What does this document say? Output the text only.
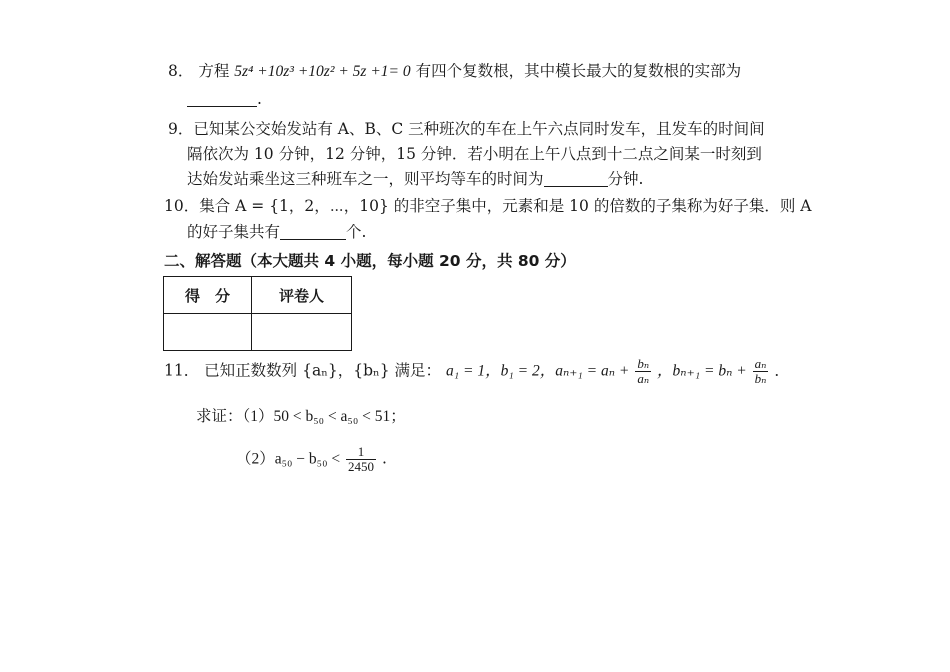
8． 方程 5z⁴ +10z³ +10z² + 5z +1= 0 有四个复数根，其中模长最大的复数根的实部为
.
9．已知某公交始发站有 A、B、C 三种班次的车在上午六点同时发车，且发车的时间间
隔依次为 10 分钟，12 分钟，15 分钟．若小明在上午八点到十二点之间某一时刻到
达始发站乘坐这三种班车之一，则平均等车的时间为	分钟.
10．集合 A = {1，2，⋯，10} 的非空子集中，元素和是 10 的倍数的子集称为好子集．则 A
的好子集共有	个.
二、解答题（本大题共 4 小题，每小题 20 分，共 80 分）
得　分	评卷人

11． 已知正数数列 {aₙ}，{bₙ} 满足： a₁ = 1，b₁ = 2，$a_{n+1} = a_n + \frac{\text{bₙ}}{\text{aₙ}}$ ，$b_{n+1} = b_n + \frac{\text{aₙ}}{\text{bₙ}}$ ．
求证：（1）50 < b₅₀ < a₅₀ < 51；
$(2)a_{50} - b_{50} < \frac{1}{2450}$ .
